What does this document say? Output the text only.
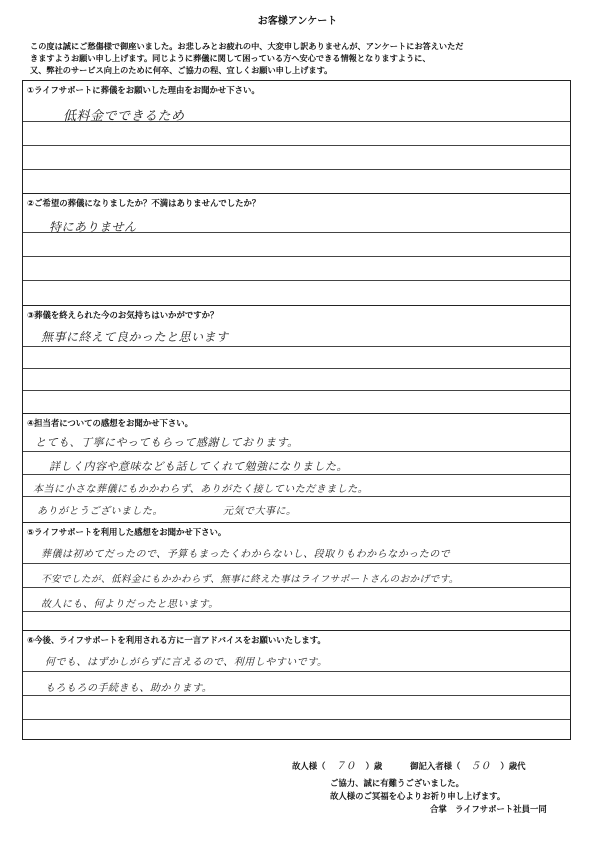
お客様アンケート
この度は誠にご愁傷様で御座いました。お悲しみとお疲れの中、大変申し訳ありませんが、アンケートにお答えいただ
きますようお願い申し上げます。同じように葬儀に関して困っている方へ安心できる情報となりますように、
又、弊社のサービス向上のために何卒、ご協力の程、宜しくお願い申し上げます。
①ライフサポートに葬儀をお願いした理由をお聞かせ下さい。
低料金でできるため
②ご希望の葬儀になりましたか？不満はありませんでしたか？
特にありません
③葬儀を終えられた今のお気持ちはいかがですか？
無事に終えて良かったと思います
④担当者についての感想をお聞かせ下さい。
とても、丁寧にやってもらって感謝しております。
詳しく内容や意味なども話してくれて勉強になりました。
本当に小さな葬儀にもかかわらず、ありがたく接していただきました。
ありがとうございました。	元気で大事に。
⑤ライフサポートを利用した感想をお聞かせ下さい。
葬儀は初めてだったので、予算もまったくわからないし、段取りもわからなかったので
不安でしたが、低料金にもかかわらず、無事に終えた事はライフサポートさんのおかげです。
故人にも、何よりだったと思います。
⑥今後、ライフサポートを利用される方に一言アドバイスをお願いいたします。
何でも、はずかしがらずに言えるので、利用しやすいです。
もろもろの手続きも、助かります。
故人様（ ７０ ）歳	御記入者様（ ５０ ）歳代
ご協力、誠に有難うございました。
故人様のご冥福を心よりお祈り申し上げます。
合掌　ライフサポート社員一同
